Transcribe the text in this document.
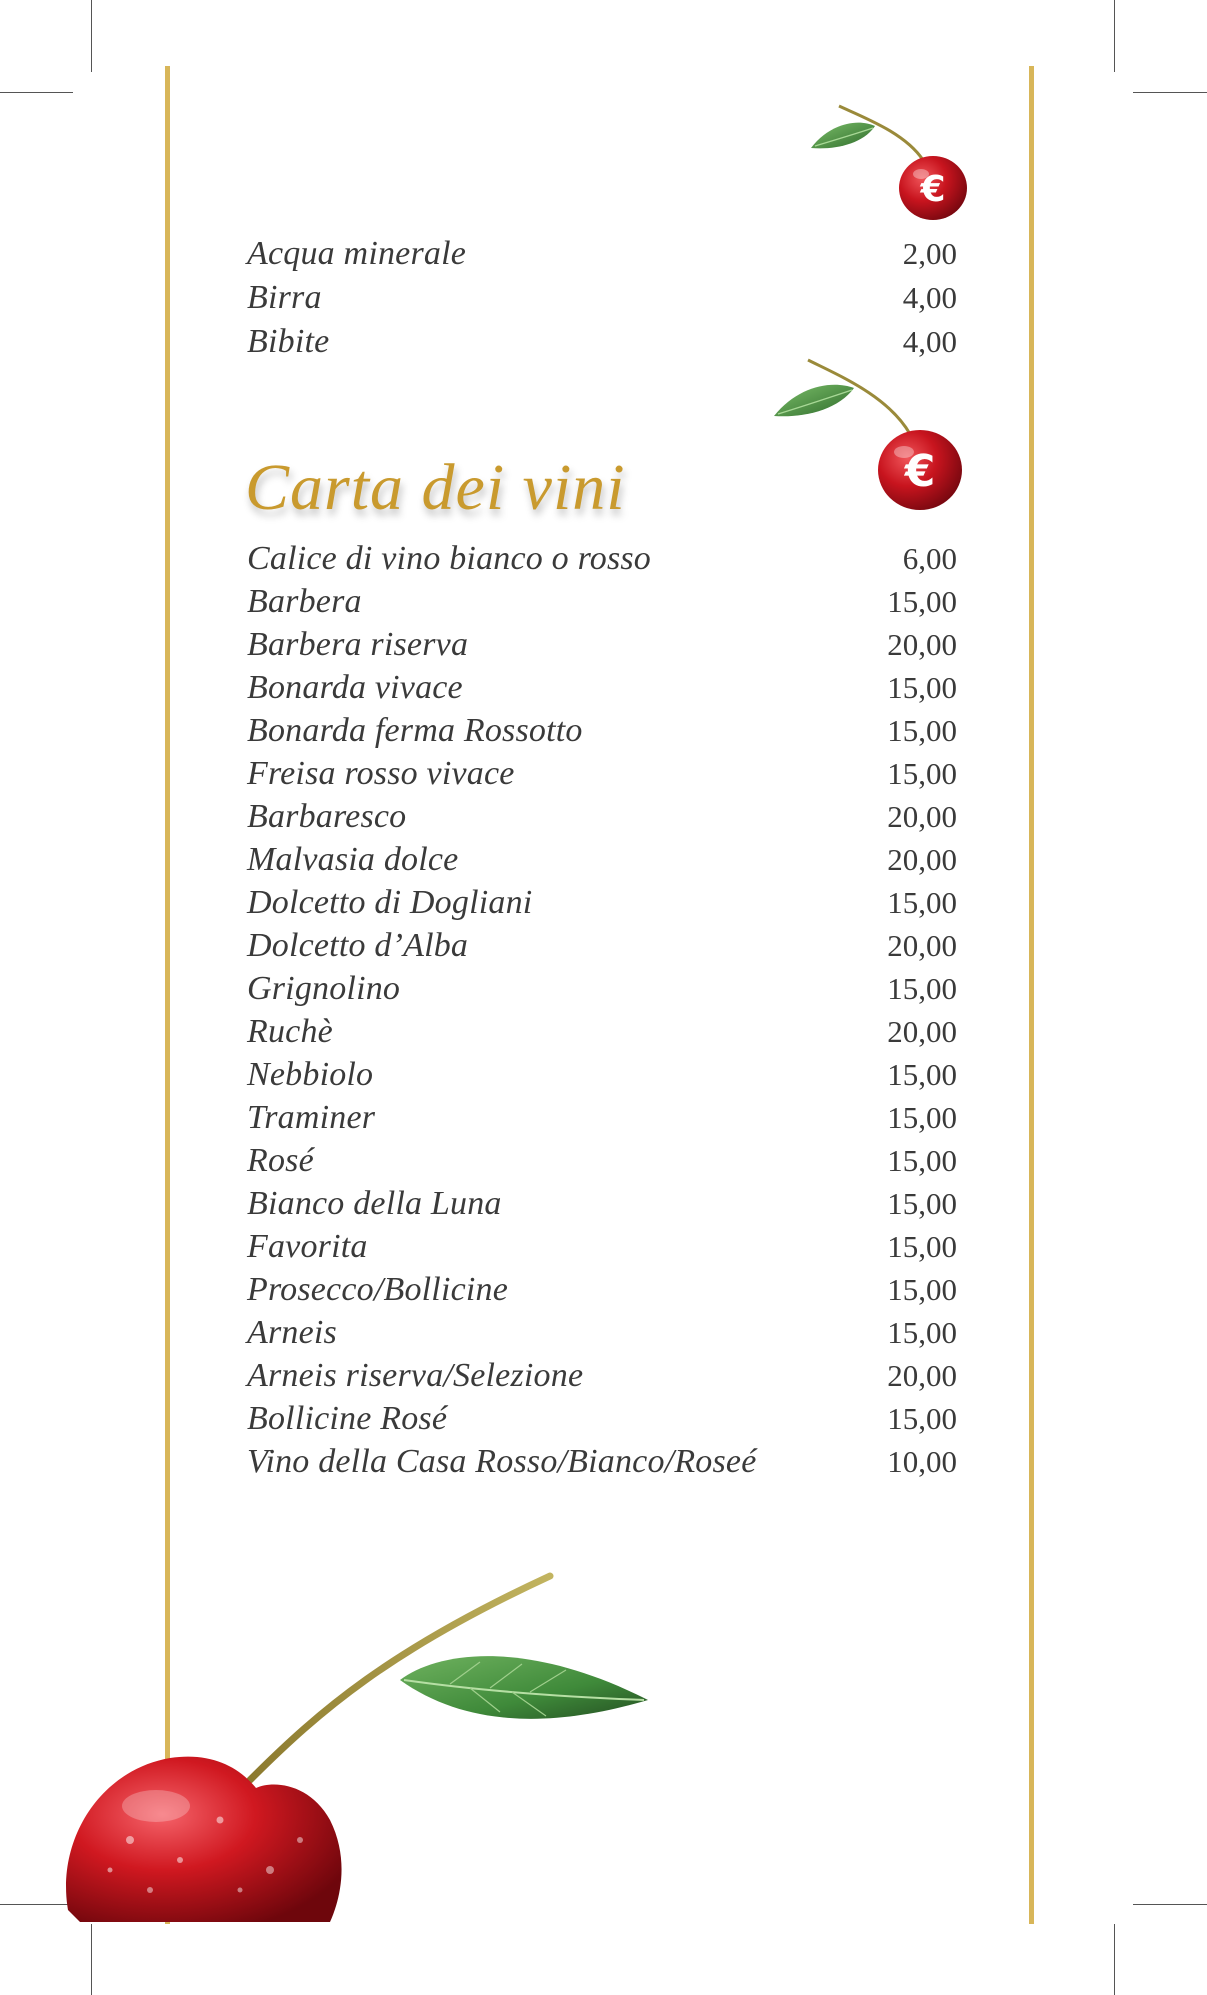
€
Acqua minerale	2,00
Birra	4,00
Bibite	4,00
€
Carta dei vini
Calice di vino bianco o rosso	6,00
Barbera	15,00
Barbera riserva	20,00
Bonarda vivace	15,00
Bonarda ferma Rossotto	15,00
Freisa rosso vivace	15,00
Barbaresco	20,00
Malvasia dolce	20,00
Dolcetto di Dogliani	15,00
Dolcetto d’Alba	20,00
Grignolino	15,00
Ruchè	20,00
Nebbiolo	15,00
Traminer	15,00
Rosé	15,00
Bianco della Luna	15,00
Favorita	15,00
Prosecco/Bollicine	15,00
Arneis	15,00
Arneis riserva/Selezione	20,00
Bollicine Rosé	15,00
Vino della Casa Rosso/Bianco/Roseé	10,00
